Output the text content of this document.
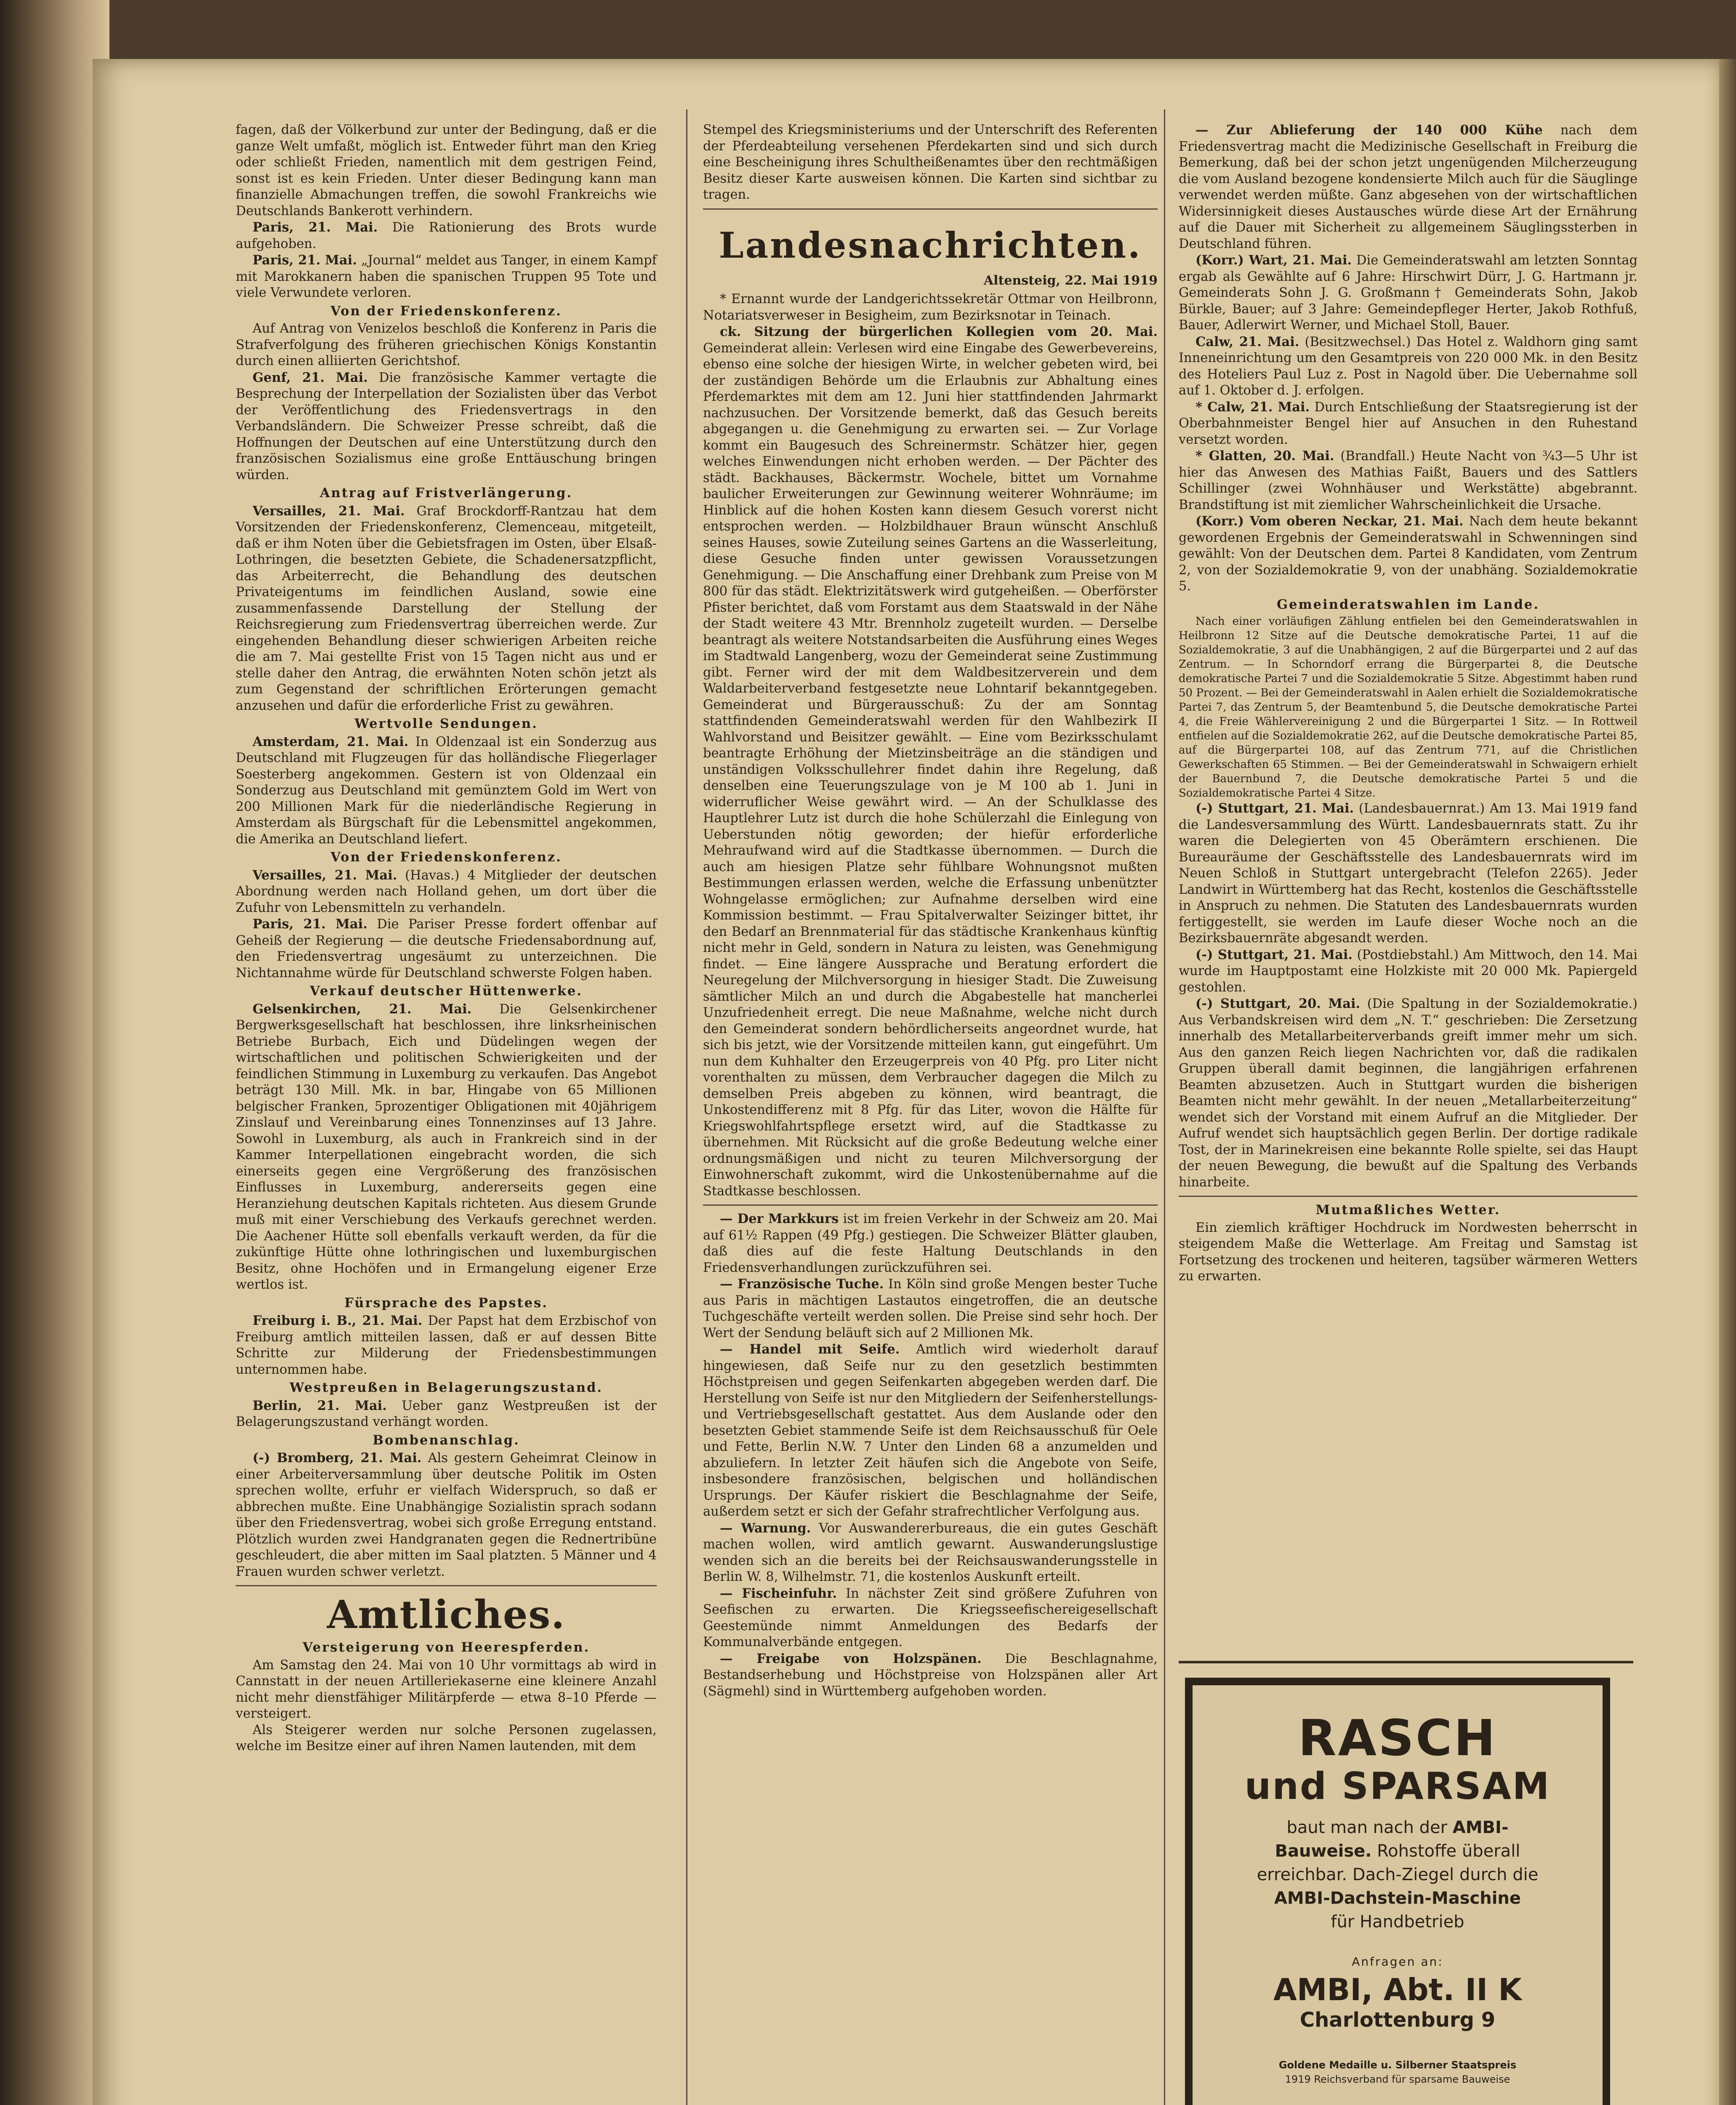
fagen, daß der Völkerbund zur unter der Bedingung, daß er die ganze Welt umfaßt, möglich ist. Entweder führt man den Krieg oder schließt Frieden, namentlich mit dem gestrigen Feind, sonst ist es kein Frieden. Unter dieser Bedingung kann man finanzielle Abmachungen treffen, die sowohl Frankreichs wie Deutschlands Bankerott verhindern.

Paris, 21. Mai. Die Rationierung des Brots wurde aufgehoben.

Paris, 21. Mai. „Journal“ meldet aus Tanger, in einem Kampf mit Marokkanern haben die spanischen Truppen 95 Tote und viele Verwundete verloren.

Von der Friedenskonferenz.

Auf Antrag von Venizelos beschloß die Konferenz in Paris die Strafverfolgung des früheren griechischen Königs Konstantin durch einen alliierten Gerichtshof.

Genf, 21. Mai. Die französische Kammer vertagte die Besprechung der Interpellation der Sozialisten über das Verbot der Veröffentlichung des Friedensvertrags in den Verbandsländern. Die Schweizer Presse schreibt, daß die Hoffnungen der Deutschen auf eine Unterstützung durch den französischen Sozialismus eine große Enttäuschung bringen würden.

Antrag auf Fristverlängerung.

Versailles, 21. Mai. Graf Brockdorff-Rantzau hat dem Vorsitzenden der Friedenskonferenz, Clemenceau, mitgeteilt, daß er ihm Noten über die Gebietsfragen im Osten, über Elsaß-Lothringen, die besetzten Gebiete, die Schadenersatzpflicht, das Arbeiterrecht, die Behandlung des deutschen Privateigentums im feindlichen Ausland, sowie eine zusammenfassende Darstellung der Stellung der Reichsregierung zum Friedensvertrag überreichen werde. Zur eingehenden Behandlung dieser schwierigen Arbeiten reiche die am 7. Mai gestellte Frist von 15 Tagen nicht aus und er stelle daher den Antrag, die erwähnten Noten schön jetzt als zum Gegenstand der schriftlichen Erörterungen gemacht anzusehen und dafür die erforderliche Frist zu gewähren.

Wertvolle Sendungen.

Amsterdam, 21. Mai. In Oldenzaal ist ein Sonderzug aus Deutschland mit Flugzeugen für das holländische Fliegerlager Soesterberg angekommen. Gestern ist von Oldenzaal ein Sonderzug aus Deutschland mit gemünztem Gold im Wert von 200 Millionen Mark für die niederländische Regierung in Amsterdam als Bürgschaft für die Lebensmittel angekommen, die Amerika an Deutschland liefert.

Von der Friedenskonferenz.

Versailles, 21. Mai. (Havas.) 4 Mitglieder der deutschen Abordnung werden nach Holland gehen, um dort über die Zufuhr von Lebensmitteln zu verhandeln.

Paris, 21. Mai. Die Pariser Presse fordert offenbar auf Geheiß der Regierung — die deutsche Friedensabordnung auf, den Friedensvertrag ungesäumt zu unterzeichnen. Die Nichtannahme würde für Deutschland schwerste Folgen haben.

Verkauf deutscher Hüttenwerke.

Gelsenkirchen, 21. Mai. Die Gelsenkirchener Bergwerksgesellschaft hat beschlossen, ihre linksrheinischen Betriebe Burbach, Eich und Düdelingen wegen der wirtschaftlichen und politischen Schwierigkeiten und der feindlichen Stimmung in Luxemburg zu verkaufen. Das Angebot beträgt 130 Mill. Mk. in bar, Hingabe von 65 Millionen belgischer Franken, 5prozentiger Obligationen mit 40jährigem Zinslauf und Vereinbarung eines Tonnenzinses auf 13 Jahre. Sowohl in Luxemburg, als auch in Frankreich sind in der Kammer Interpellationen eingebracht worden, die sich einerseits gegen eine Vergrößerung des französischen Einflusses in Luxemburg, andererseits gegen eine Heranziehung deutschen Kapitals richteten. Aus diesem Grunde muß mit einer Verschiebung des Verkaufs gerechnet werden. Die Aachener Hütte soll ebenfalls verkauft werden, da für die zukünftige Hütte ohne lothringischen und luxemburgischen Besitz, ohne Hochöfen und in Ermangelung eigener Erze wertlos ist.

Fürsprache des Papstes.

Freiburg i. B., 21. Mai. Der Papst hat dem Erzbischof von Freiburg amtlich mitteilen lassen, daß er auf dessen Bitte Schritte zur Milderung der Friedensbestimmungen unternommen habe.

Westpreußen in Belagerungszustand.

Berlin, 21. Mai. Ueber ganz Westpreußen ist der Belagerungszustand verhängt worden.

Bombenanschlag.

(-) Bromberg, 21. Mai. Als gestern Geheimrat Cleinow in einer Arbeiterversammlung über deutsche Politik im Osten sprechen wollte, erfuhr er vielfach Widerspruch, so daß er abbrechen mußte. Eine Unabhängige Sozialistin sprach sodann über den Friedensvertrag, wobei sich große Erregung entstand. Plötzlich wurden zwei Handgranaten gegen die Rednertribüne geschleudert, die aber mitten im Saal platzten. 5 Männer und 4 Frauen wurden schwer verletzt.

Amtliches.
Versteigerung von Heerespferden.

Am Samstag den 24. Mai von 10 Uhr vormittags ab wird in Cannstatt in der neuen Artilleriekaserne eine kleinere Anzahl nicht mehr dienstfähiger Militärpferde — etwa 8–10 Pferde — versteigert.

Als Steigerer werden nur solche Personen zugelassen, welche im Besitze einer auf ihren Namen lautenden, mit dem

Stempel des Kriegsministeriums und der Unterschrift des Referenten der Pferdeabteilung versehenen Pferdekarten sind und sich durch eine Bescheinigung ihres Schultheißenamtes über den rechtmäßigen Besitz dieser Karte ausweisen können. Die Karten sind sichtbar zu tragen.

Landesnachrichten.
Altensteig, 22. Mai 1919

* Ernannt wurde der Landgerichtssekretär Ottmar von Heilbronn, Notariatsverweser in Besigheim, zum Bezirksnotar in Teinach.

ck. Sitzung der bürgerlichen Kollegien vom 20. Mai. Gemeinderat allein: Verlesen wird eine Eingabe des Gewerbevereins, ebenso eine solche der hiesigen Wirte, in welcher gebeten wird, bei der zuständigen Behörde um die Erlaubnis zur Abhaltung eines Pferdemarktes mit dem am 12. Juni hier stattfindenden Jahrmarkt nachzusuchen. Der Vorsitzende bemerkt, daß das Gesuch bereits abgegangen u. die Genehmigung zu erwarten sei. — Zur Vorlage kommt ein Baugesuch des Schreinermstr. Schätzer hier, gegen welches Einwendungen nicht erhoben werden. — Der Pächter des städt. Backhauses, Bäckermstr. Wochele, bittet um Vornahme baulicher Erweiterungen zur Gewinnung weiterer Wohnräume; im Hinblick auf die hohen Kosten kann diesem Gesuch vorerst nicht entsprochen werden. — Holzbildhauer Braun wünscht Anschluß seines Hauses, sowie Zuteilung seines Gartens an die Wasserleitung, diese Gesuche finden unter gewissen Voraussetzungen Genehmigung. — Die Anschaffung einer Drehbank zum Preise von M 800 für das städt. Elektrizitätswerk wird gutgeheißen. — Oberförster Pfister berichtet, daß vom Forstamt aus dem Staatswald in der Nähe der Stadt weitere 43 Mtr. Brennholz zugeteilt wurden. — Derselbe beantragt als weitere Notstandsarbeiten die Ausführung eines Weges im Stadtwald Langenberg, wozu der Gemeinderat seine Zustimmung gibt. Ferner wird der mit dem Waldbesitzerverein und dem Waldarbeiterverband festgesetzte neue Lohntarif bekanntgegeben. Gemeinderat und Bürgerausschuß: Zu der am Sonntag stattfindenden Gemeinderatswahl werden für den Wahlbezirk II Wahlvorstand und Beisitzer gewählt. — Eine vom Bezirksschulamt beantragte Erhöhung der Mietzinsbeiträge an die ständigen und unständigen Volksschullehrer findet dahin ihre Regelung, daß denselben eine Teuerungszulage von je M 100 ab 1. Juni in widerruflicher Weise gewährt wird. — An der Schulklasse des Hauptlehrer Lutz ist durch die hohe Schülerzahl die Einlegung von Ueberstunden nötig geworden; der hiefür erforderliche Mehraufwand wird auf die Stadtkasse übernommen. — Durch die auch am hiesigen Platze sehr fühlbare Wohnungsnot mußten Bestimmungen erlassen werden, welche die Erfassung unbenützter Wohngelasse ermöglichen; zur Aufnahme derselben wird eine Kommission bestimmt. — Frau Spitalverwalter Seizinger bittet, ihr den Bedarf an Brennmaterial für das städtische Krankenhaus künftig nicht mehr in Geld, sondern in Natura zu leisten, was Genehmigung findet. — Eine längere Aussprache und Beratung erfordert die Neuregelung der Milchversorgung in hiesiger Stadt. Die Zuweisung sämtlicher Milch an und durch die Abgabestelle hat mancherlei Unzufriedenheit erregt. Die neue Maßnahme, welche nicht durch den Gemeinderat sondern behördlicherseits angeordnet wurde, hat sich bis jetzt, wie der Vorsitzende mitteilen kann, gut eingeführt. Um nun dem Kuhhalter den Erzeugerpreis von 40 Pfg. pro Liter nicht vorenthalten zu müssen, dem Verbraucher dagegen die Milch zu demselben Preis abgeben zu können, wird beantragt, die Unkostendifferenz mit 8 Pfg. für das Liter, wovon die Hälfte für Kriegswohlfahrtspflege ersetzt wird, auf die Stadtkasse zu übernehmen. Mit Rücksicht auf die große Bedeutung welche einer ordnungsmäßigen und nicht zu teuren Milchversorgung der Einwohnerschaft zukommt, wird die Unkostenübernahme auf die Stadtkasse beschlossen.

— Der Markkurs ist im freien Verkehr in der Schweiz am 20. Mai auf 61½ Rappen (49 Pfg.) gestiegen. Die Schweizer Blätter glauben, daß dies auf die feste Haltung Deutschlands in den Friedensverhandlungen zurückzuführen sei.

— Französische Tuche. In Köln sind große Mengen bester Tuche aus Paris in mächtigen Lastautos eingetroffen, die an deutsche Tuchgeschäfte verteilt werden sollen. Die Preise sind sehr hoch. Der Wert der Sendung beläuft sich auf 2 Millionen Mk.

— Handel mit Seife. Amtlich wird wiederholt darauf hingewiesen, daß Seife nur zu den gesetzlich bestimmten Höchstpreisen und gegen Seifenkarten abgegeben werden darf. Die Herstellung von Seife ist nur den Mitgliedern der Seifenherstellungs- und Vertriebsgesellschaft gestattet. Aus dem Auslande oder den besetzten Gebiet stammende Seife ist dem Reichsausschuß für Oele und Fette, Berlin N.W. 7 Unter den Linden 68 a anzumelden und abzuliefern. In letzter Zeit häufen sich die Angebote von Seife, insbesondere französischen, belgischen und holländischen Ursprungs. Der Käufer riskiert die Beschlagnahme der Seife, außerdem setzt er sich der Gefahr strafrechtlicher Verfolgung aus.

— Warnung. Vor Auswandererbureaus, die ein gutes Geschäft machen wollen, wird amtlich gewarnt. Auswanderungslustige wenden sich an die bereits bei der Reichsauswanderungsstelle in Berlin W. 8, Wilhelmstr. 71, die kostenlos Auskunft erteilt.

— Fischeinfuhr. In nächster Zeit sind größere Zufuhren von Seefischen zu erwarten. Die Kriegsseefischereigesellschaft Geestemünde nimmt Anmeldungen des Bedarfs der Kommunalverbände entgegen.

— Freigabe von Holzspänen. Die Beschlagnahme, Bestandserhebung und Höchstpreise von Holzspänen aller Art (Sägmehl) sind in Württemberg aufgehoben worden.

— Zur Ablieferung der 140 000 Kühe nach dem Friedensvertrag macht die Medizinische Gesellschaft in Freiburg die Bemerkung, daß bei der schon jetzt ungenügenden Milcherzeugung die vom Ausland bezogene kondensierte Milch auch für die Säuglinge verwendet werden müßte. Ganz abgesehen von der wirtschaftlichen Widersinnigkeit dieses Austausches würde diese Art der Ernährung auf die Dauer mit Sicherheit zu allgemeinem Säuglingssterben in Deutschland führen.

(Korr.) Wart, 21. Mai. Die Gemeinderatswahl am letzten Sonntag ergab als Gewählte auf 6 Jahre: Hirschwirt Dürr, J. G. Hartmann jr. Gemeinderats Sohn J. G. Großmann† Gemeinderats Sohn, Jakob Bürkle, Bauer; auf 3 Jahre: Gemeindepfleger Herter, Jakob Rothfuß, Bauer, Adlerwirt Werner, und Michael Stoll, Bauer.

Calw, 21. Mai. (Besitzwechsel.) Das Hotel z. Waldhorn ging samt Inneneinrichtung um den Gesamtpreis von 220 000 Mk. in den Besitz des Hoteliers Paul Luz z. Post in Nagold über. Die Uebernahme soll auf 1. Oktober d. J. erfolgen.

* Calw, 21. Mai. Durch Entschließung der Staatsregierung ist der Oberbahnmeister Bengel hier auf Ansuchen in den Ruhestand versetzt worden.

* Glatten, 20. Mai. (Brandfall.) Heute Nacht von ¾3—5 Uhr ist hier das Anwesen des Mathias Faißt, Bauers und des Sattlers Schillinger (zwei Wohnhäuser und Werkstätte) abgebrannt. Brandstiftung ist mit ziemlicher Wahrscheinlichkeit die Ursache.

(Korr.) Vom oberen Neckar, 21. Mai. Nach dem heute bekannt gewordenen Ergebnis der Gemeinderatswahl in Schwenningen sind gewählt: Von der Deutschen dem. Partei 8 Kandidaten, vom Zentrum 2, von der Sozialdemokratie 9, von der unabhäng. Sozialdemokratie 5.

Gemeinderatswahlen im Lande.

Nach einer vorläufigen Zählung entfielen bei den Gemeinderatswahlen in Heilbronn 12 Sitze auf die Deutsche demokratische Partei, 11 auf die Sozialdemokratie, 3 auf die Unabhängigen, 2 auf die Bürgerpartei und 2 auf das Zentrum. — In Schorndorf errang die Bürgerpartei 8, die Deutsche demokratische Partei 7 und die Sozialdemokratie 5 Sitze. Abgestimmt haben rund 50 Prozent. — Bei der Gemeinderatswahl in Aalen erhielt die Sozialdemokratische Partei 7, das Zentrum 5, der Beamtenbund 5, die Deutsche demokratische Partei 4, die Freie Wählervereinigung 2 und die Bürgerpartei 1 Sitz. — In Rottweil entfielen auf die Sozialdemokratie 262, auf die Deutsche demokratische Partei 85, auf die Bürgerpartei 108, auf das Zentrum 771, auf die Christlichen Gewerkschaften 65 Stimmen. — Bei der Gemeinderatswahl in Schwaigern erhielt der Bauernbund 7, die Deutsche demokratische Partei 5 und die Sozialdemokratische Partei 4 Sitze.

(-) Stuttgart, 21. Mai. (Landesbauernrat.) Am 13. Mai 1919 fand die Landesversammlung des Württ. Landesbauernrats statt. Zu ihr waren die Delegierten von 45 Oberämtern erschienen. Die Bureauräume der Geschäftsstelle des Landesbauernrats wird im Neuen Schloß in Stuttgart untergebracht (Telefon 2265). Jeder Landwirt in Württemberg hat das Recht, kostenlos die Geschäftsstelle in Anspruch zu nehmen. Die Statuten des Landesbauernrats wurden fertiggestellt, sie werden im Laufe dieser Woche noch an die Bezirksbauernräte abgesandt werden.

(-) Stuttgart, 21. Mai. (Postdiebstahl.) Am Mittwoch, den 14. Mai wurde im Hauptpostamt eine Holzkiste mit 20 000 Mk. Papiergeld gestohlen.

(-) Stuttgart, 20. Mai. (Die Spaltung in der Sozialdemokratie.) Aus Verbandskreisen wird dem „N. T.“ geschrieben: Die Zersetzung innerhalb des Metallarbeiterverbands greift immer mehr um sich. Aus den ganzen Reich liegen Nachrichten vor, daß die radikalen Gruppen überall damit beginnen, die langjährigen erfahrenen Beamten abzusetzen. Auch in Stuttgart wurden die bisherigen Beamten nicht mehr gewählt. In der neuen „Metallarbeiterzeitung“ wendet sich der Vorstand mit einem Aufruf an die Mitglieder. Der Aufruf wendet sich hauptsächlich gegen Berlin. Der dortige radikale Tost, der in Marinekreisen eine bekannte Rolle spielte, sei das Haupt der neuen Bewegung, die bewußt auf die Spaltung des Verbands hinarbeite.

Mutmaßliches Wetter.

Ein ziemlich kräftiger Hochdruck im Nordwesten beherrscht in steigendem Maße die Wetterlage. Am Freitag und Samstag ist Fortsetzung des trockenen und heiteren, tagsüber wärmeren Wetters zu erwarten.

RASCH
und SPARSAM
baut man nach der AMBI-
Bauweise. Rohstoffe überall
erreichbar. Dach-Ziegel durch die
AMBI-Dachstein-Maschine
für Handbetrieb
Anfragen an:
AMBI, Abt. II K
Charlottenburg 9
Goldene Medaille u. Silberner Staatspreis
1919 Reichsverband für sparsame Bauweise
